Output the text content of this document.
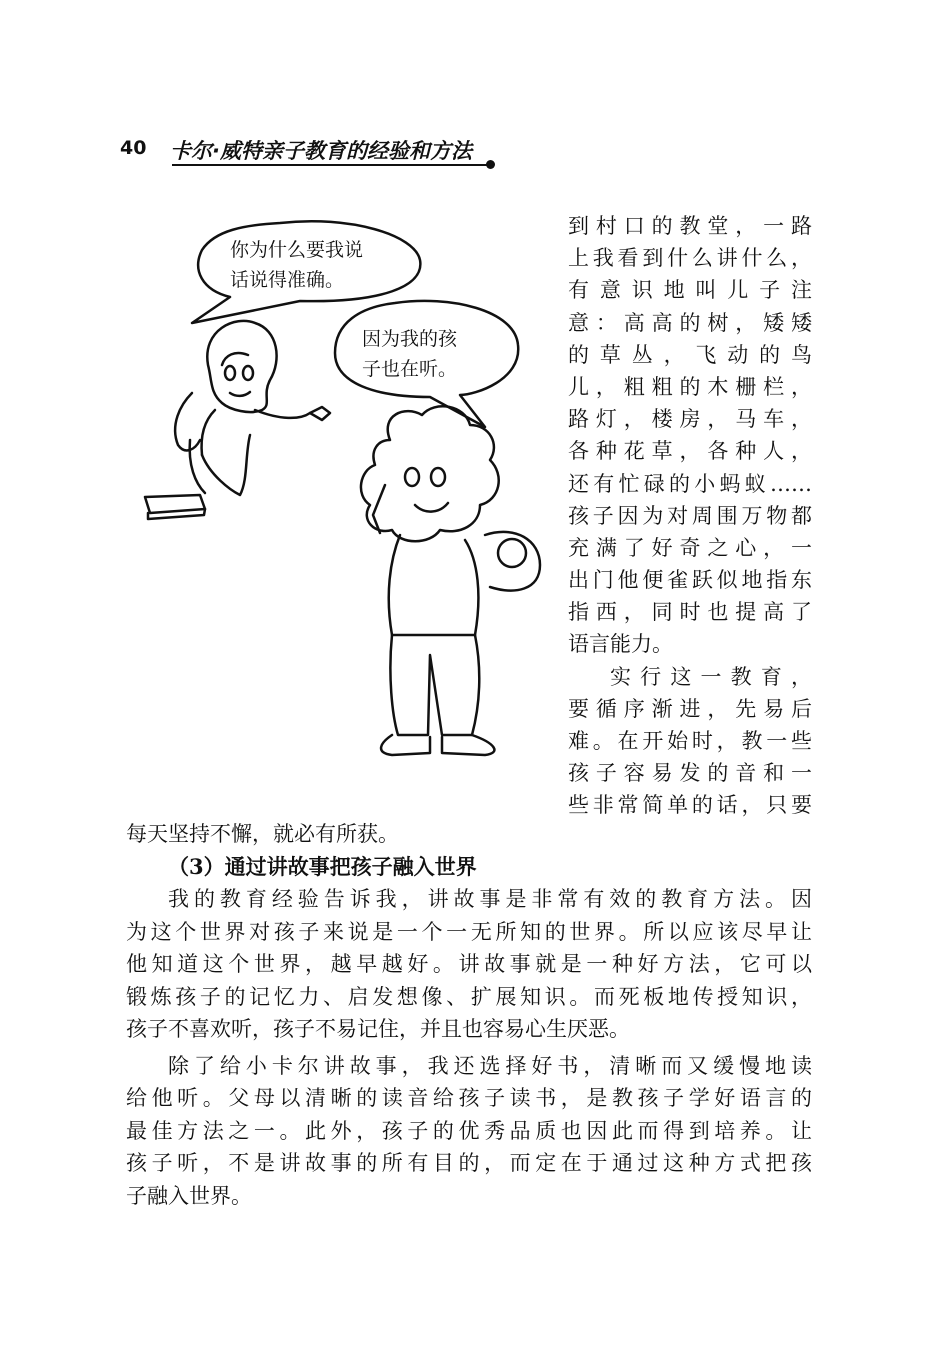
40 卡尔·威特亲子教育的经验和方法
你为什么要我说
话说得准确。
因为我的孩
子也在听。
到村口的教堂，一路
上我看到什么讲什么，
有意识地叫儿子注
意：高高的树，矮矮
的草丛，飞动的鸟
儿，粗粗的木栅栏，
路灯，楼房，马车，
各种花草，各种人，
还有忙碌的小蚂蚁……
孩子因为对周围万物都
充满了好奇之心，一
出门他便雀跃似地指东
指西，同时也提高了
语言能力。
实行这一教育，
要循序渐进，先易后
难。在开始时，教一些
孩子容易发的音和一
些非常简单的话，只要
每天坚持不懈，就必有所获。
（3）通过讲故事把孩子融入世界
我的教育经验告诉我，讲故事是非常有效的教育方法。因
为这个世界对孩子来说是一个一无所知的世界。所以应该尽早让
他知道这个世界，越早越好。讲故事就是一种好方法，它可以
锻炼孩子的记忆力、启发想像、扩展知识。而死板地传授知识，
孩子不喜欢听，孩子不易记住，并且也容易心生厌恶。
除了给小卡尔讲故事，我还选择好书，清晰而又缓慢地读
给他听。父母以清晰的读音给孩子读书，是教孩子学好语言的
最佳方法之一。此外，孩子的优秀品质也因此而得到培养。让
孩子听，不是讲故事的所有目的，而定在于通过这种方式把孩
子融入世界。
